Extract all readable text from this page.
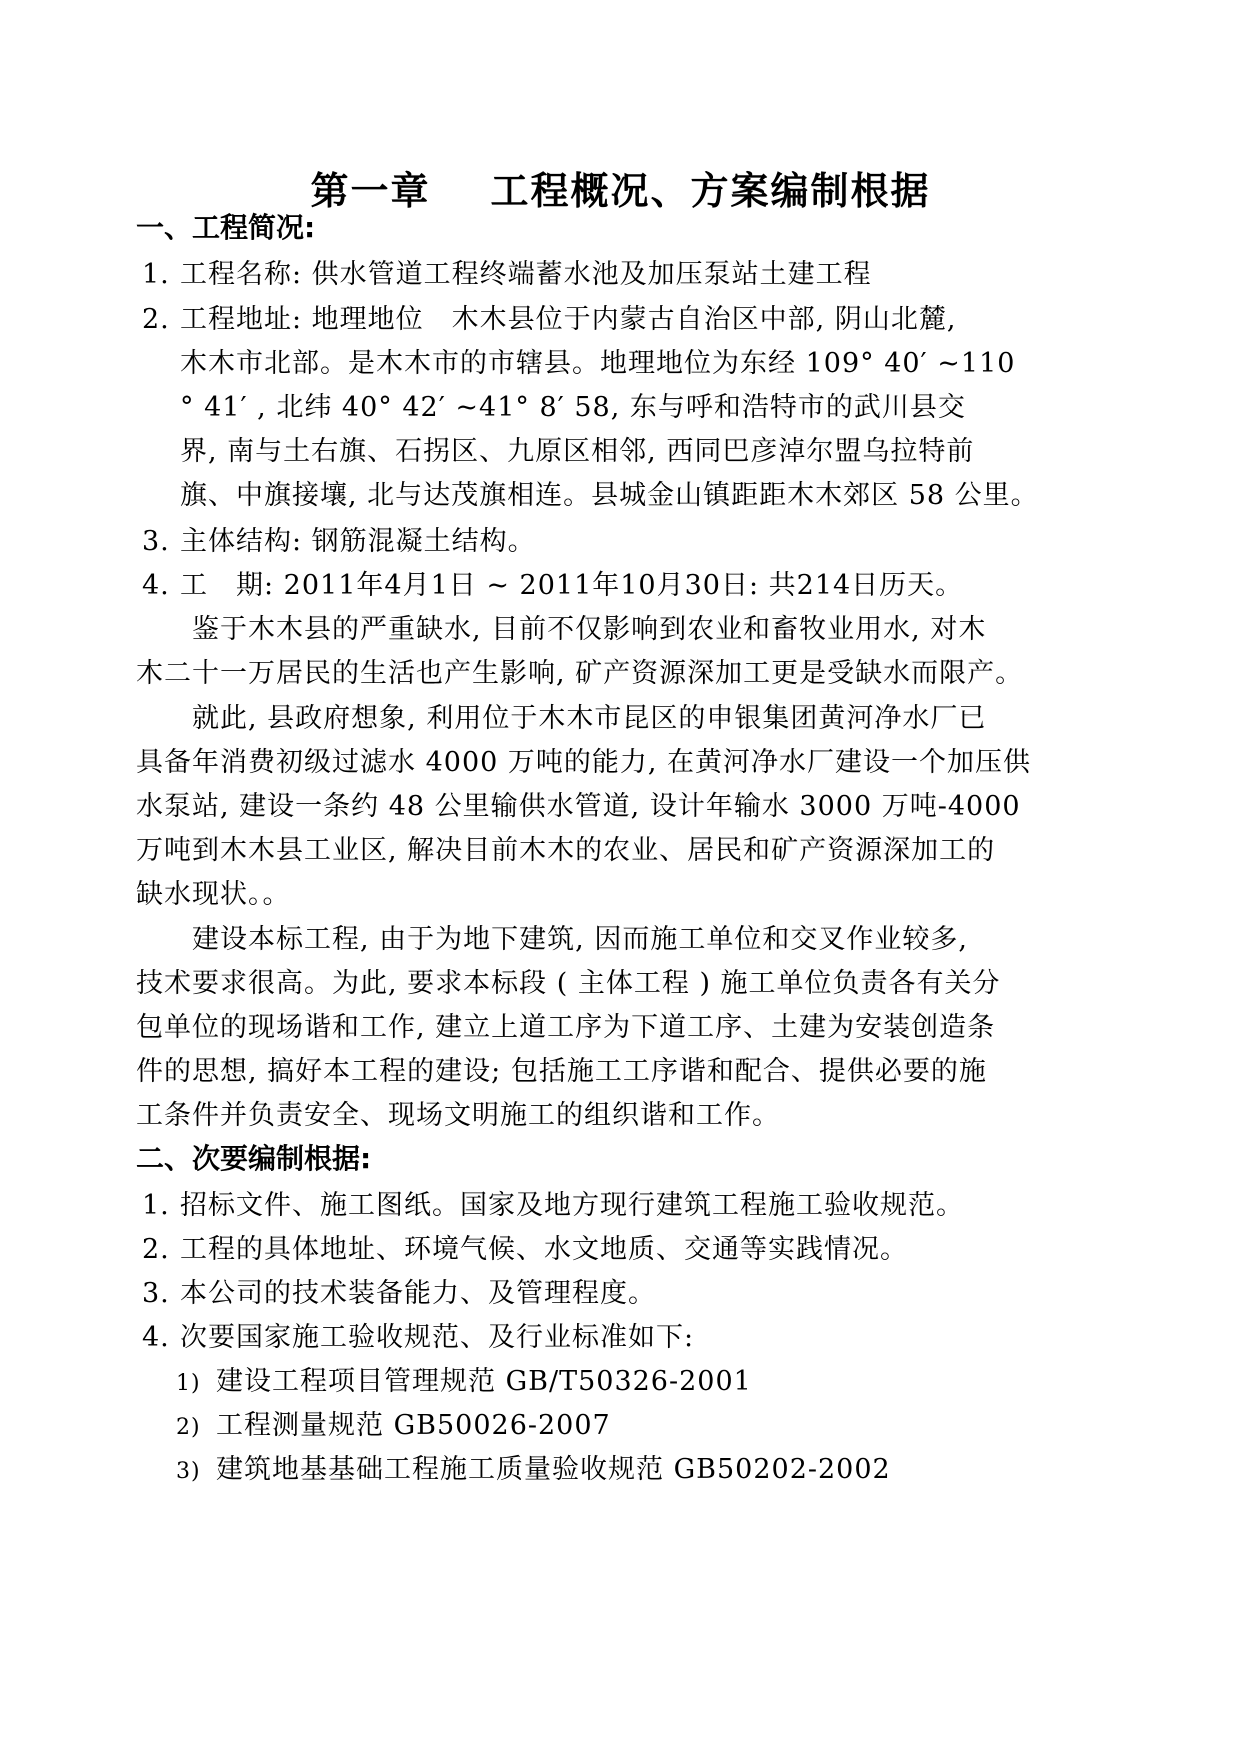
第一章 工程概况、方案编制根据
一、工程简况:
1. 工程名称: 供水管道工程终端蓄水池及加压泵站土建工程
2. 工程地址: 地理地位　木木县位于内蒙古自治区中部, 阴山北麓,
木木市北部。是木木市的市辖县。地理地位为东经 109° 40′ ~110
° 41′ , 北纬 40° 42′ ~41° 8′ 58, 东与呼和浩特市的武川县交
界, 南与土右旗、石拐区、九原区相邻, 西同巴彦淖尔盟乌拉特前
旗、中旗接壤, 北与达茂旗相连。县城金山镇距距木木郊区 58 公里。
3. 主体结构: 钢筋混凝土结构。
4. 工　期: 2011年4月1日 ~ 2011年10月30日: 共214日历天。
　　鉴于木木县的严重缺水, 目前不仅影响到农业和畜牧业用水, 对木
木二十一万居民的生活也产生影响, 矿产资源深加工更是受缺水而限产。
　　就此, 县政府想象, 利用位于木木市昆区的申银集团黄河净水厂已
具备年消费初级过滤水 4000 万吨的能力, 在黄河净水厂建设一个加压供
水泵站, 建设一条约 48 公里输供水管道, 设计年输水 3000 万吨-4000
万吨到木木县工业区, 解决目前木木的农业、居民和矿产资源深加工的
缺水现状。。
　　建设本标工程, 由于为地下建筑, 因而施工单位和交叉作业较多,
技术要求很高。为此, 要求本标段 ( 主体工程 ) 施工单位负责各有关分
包单位的现场谐和工作, 建立上道工序为下道工序、土建为安装创造条
件的思想, 搞好本工程的建设; 包括施工工序谐和配合、提供必要的施
工条件并负责安全、现场文明施工的组织谐和工作。
二、次要编制根据:
1. 招标文件、施工图纸。国家及地方现行建筑工程施工验收规范。
2. 工程的具体地址、环境气候、水文地质、交通等实践情况。
3. 本公司的技术装备能力、及管理程度。
4. 次要国家施工验收规范、及行业标准如下:
1) 建设工程项目管理规范 GB/T50326-2001
2) 工程测量规范 GB50026-2007
3) 建筑地基基础工程施工质量验收规范 GB50202-2002
